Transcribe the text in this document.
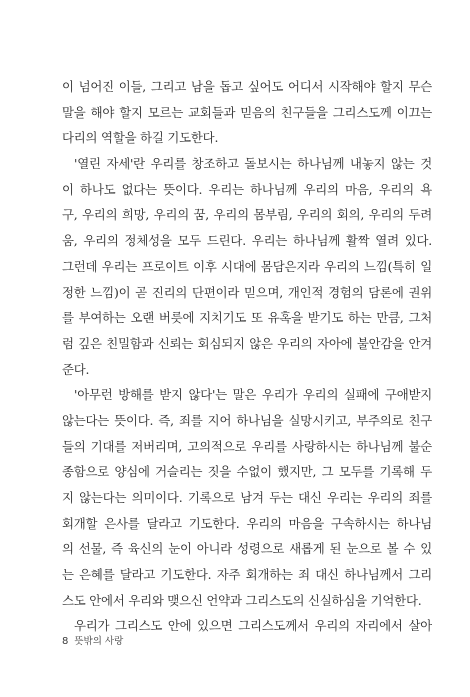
이 넘어진 이들, 그리고 남을 돕고 싶어도 어디서 시작해야 할지 무슨
말을 해야 할지 모르는 교회들과 믿음의 친구들을 그리스도께 이끄는
다리의 역할을 하길 기도한다.
'열린 자세'란 우리를 창조하고 돌보시는 하나님께 내놓지 않는 것
이 하나도 없다는 뜻이다. 우리는 하나님께 우리의 마음, 우리의 욕
구, 우리의 희망, 우리의 꿈, 우리의 몸부림, 우리의 회의, 우리의 두려
움, 우리의 정체성을 모두 드린다. 우리는 하나님께 활짝 열려 있다.
그런데 우리는 프로이트 이후 시대에 몸담은지라 우리의 느낌(특히 일
정한 느낌)이 곧 진리의 단편이라 믿으며, 개인적 경험의 담론에 권위
를 부여하는 오랜 버릇에 지치기도 또 유혹을 받기도 하는 만큼, 그처
럼 깊은 친밀함과 신뢰는 회심되지 않은 우리의 자아에 불안감을 안겨
준다.
'아무런 방해를 받지 않다'는 말은 우리가 우리의 실패에 구애받지
않는다는 뜻이다. 즉, 죄를 지어 하나님을 실망시키고, 부주의로 친구
들의 기대를 저버리며, 고의적으로 우리를 사랑하시는 하나님께 불순
종함으로 양심에 거슬리는 짓을 수없이 했지만, 그 모두를 기록해 두
지 않는다는 의미이다. 기록으로 남겨 두는 대신 우리는 우리의 죄를
회개할 은사를 달라고 기도한다. 우리의 마음을 구속하시는 하나님
의 선물, 즉 육신의 눈이 아니라 성령으로 새롭게 된 눈으로 볼 수 있
는 은혜를 달라고 기도한다. 자주 회개하는 죄 대신 하나님께서 그리
스도 안에서 우리와 맺으신 언약과 그리스도의 신실하심을 기억한다.
우리가 그리스도 안에 있으면 그리스도께서 우리의 자리에서 살아
8 뜻밖의 사랑
